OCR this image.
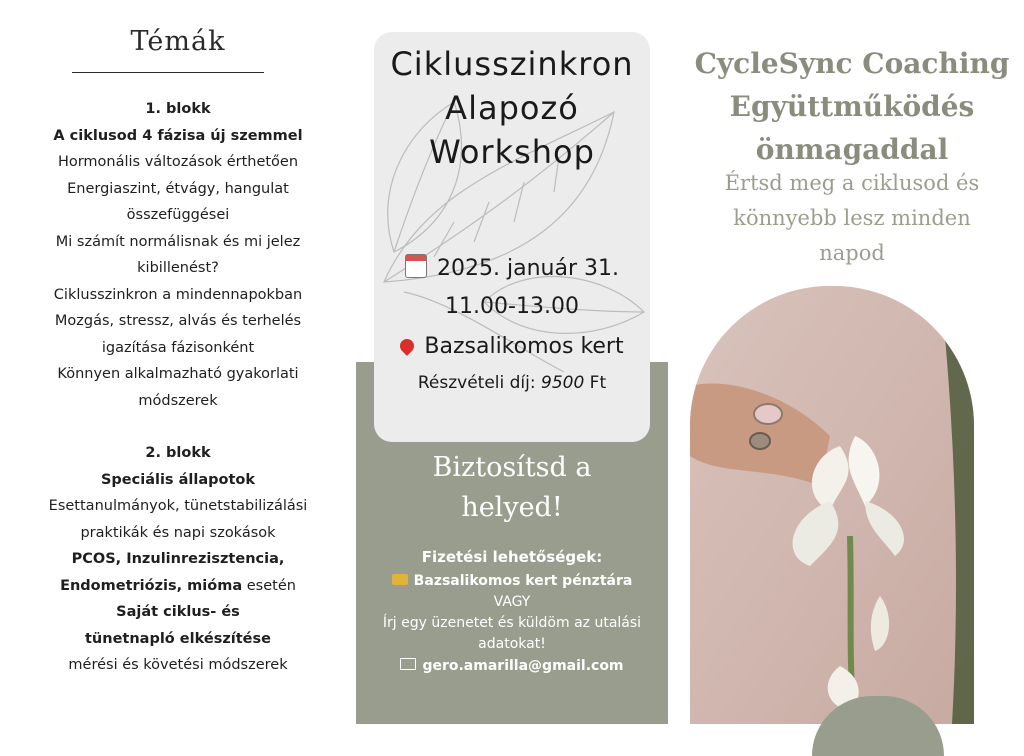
Témák
1. blokk
A ciklusod 4 fázisa új szemmel
Hormonális változások érthetően
Energiaszint, étvágy, hangulat
összefüggései
Mi számít normálisnak és mi jelez
kibillenést?
Ciklusszinkron a mindennapokban
Mozgás, stressz, alvás és terhelés
igazítása fázisonként
Könnyen alkalmazható gyakorlati
módszerek
2. blokk
Speciális állapotok
Esettanulmányok, tünetstabilizálási
praktikák és napi szokások
PCOS, Inzulinrezisztencia,
Endometriózis, mióma esetén
Saját ciklus- és
tünetnapló elkészítése
mérési és követési módszerek
Ciklusszinkron
Alapozó
Workshop
2025. január 31.
11.00-13.00
Bazsalikomos kert
Részvételi díj: 9500 Ft
Biztosítsd a
helyed!
Fizetési lehetőségek:
Bazsalikomos kert pénztára
VAGY
Írj egy üzenetet és küldöm az utalási
adatokat!
gero.amarilla@gmail.com
CycleSync Coaching
Együttműködés
önmagaddal
Értsd meg a ciklusod és
könnyebb lesz minden
napod
